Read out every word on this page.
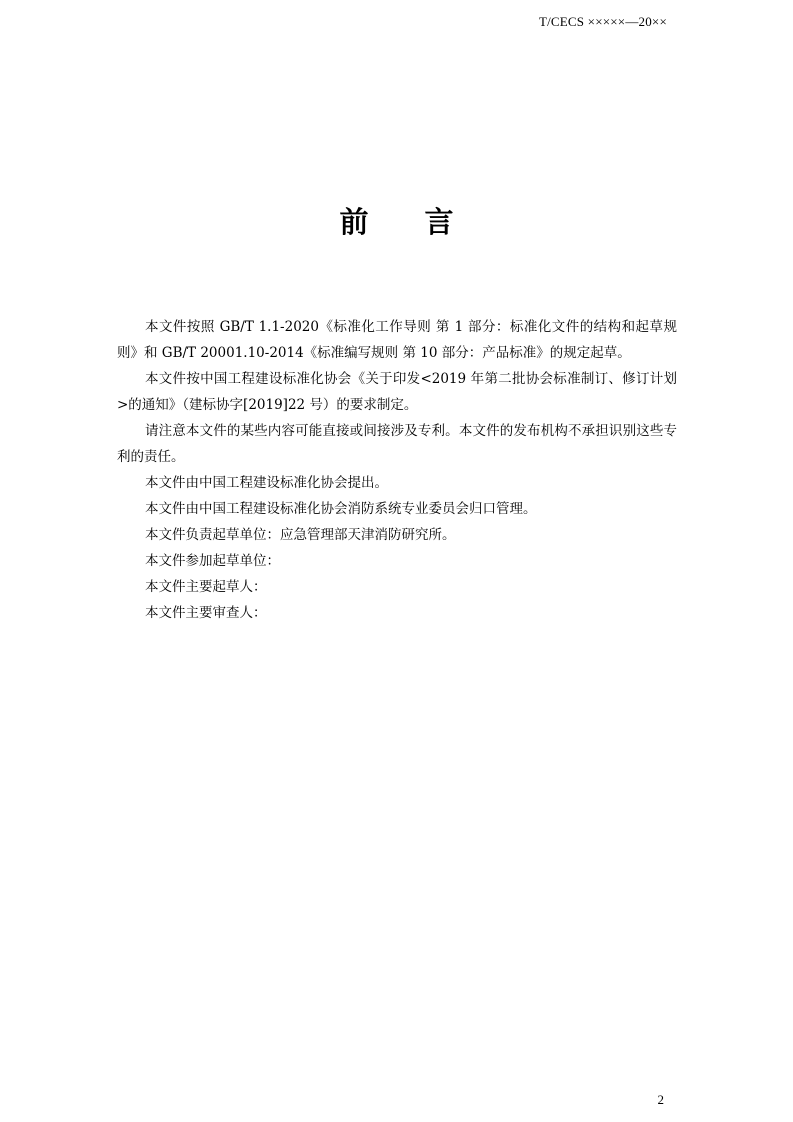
T/CECS ×××××—20××
前 言

本文件按照 GB/T 1.1-2020《标准化工作导则 第 1 部分：标准化文件的结构和起草规则》和 GB/T 20001.10-2014《标准编写规则 第 10 部分：产品标准》的规定起草。

本文件按中国工程建设标准化协会《关于印发<2019 年第二批协会标准制订、修订计划>的通知》（建标协字[2019]22 号）的要求制定。

请注意本文件的某些内容可能直接或间接涉及专利。本文件的发布机构不承担识别这些专利的责任。

本文件由中国工程建设标准化协会提出。

本文件由中国工程建设标准化协会消防系统专业委员会归口管理。

本文件负责起草单位：应急管理部天津消防研究所。

本文件参加起草单位：

本文件主要起草人：

本文件主要审查人：

2
